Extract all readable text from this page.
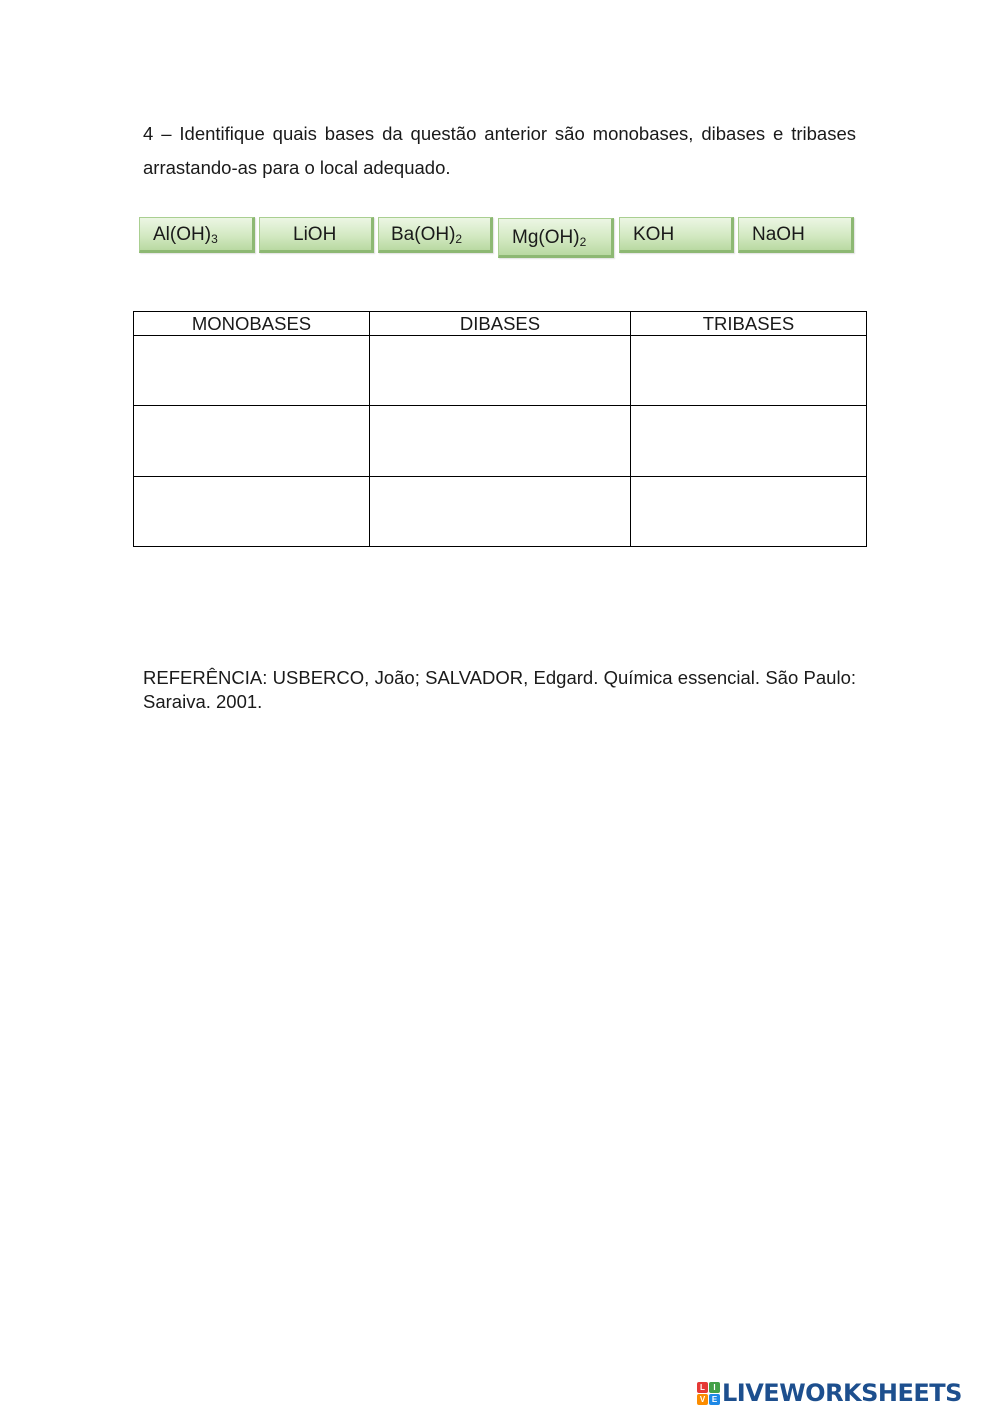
4 – Identifique quais bases da questão anterior são monobases, dibases e tribases arrastando-as para o local adequado.
$Al(OH)_3$	LiOH	$Ba(OH)_2$	$Mg(OH)_2$	KOH	NaOH
MONOBASES	DIBASES	TRIBASES

REFERÊNCIA: USBERCO, João; SALVADOR, Edgard. Química essencial. São Paulo: Saraiva. 2001.
L	I
V E LIVEWORKSHEETS
